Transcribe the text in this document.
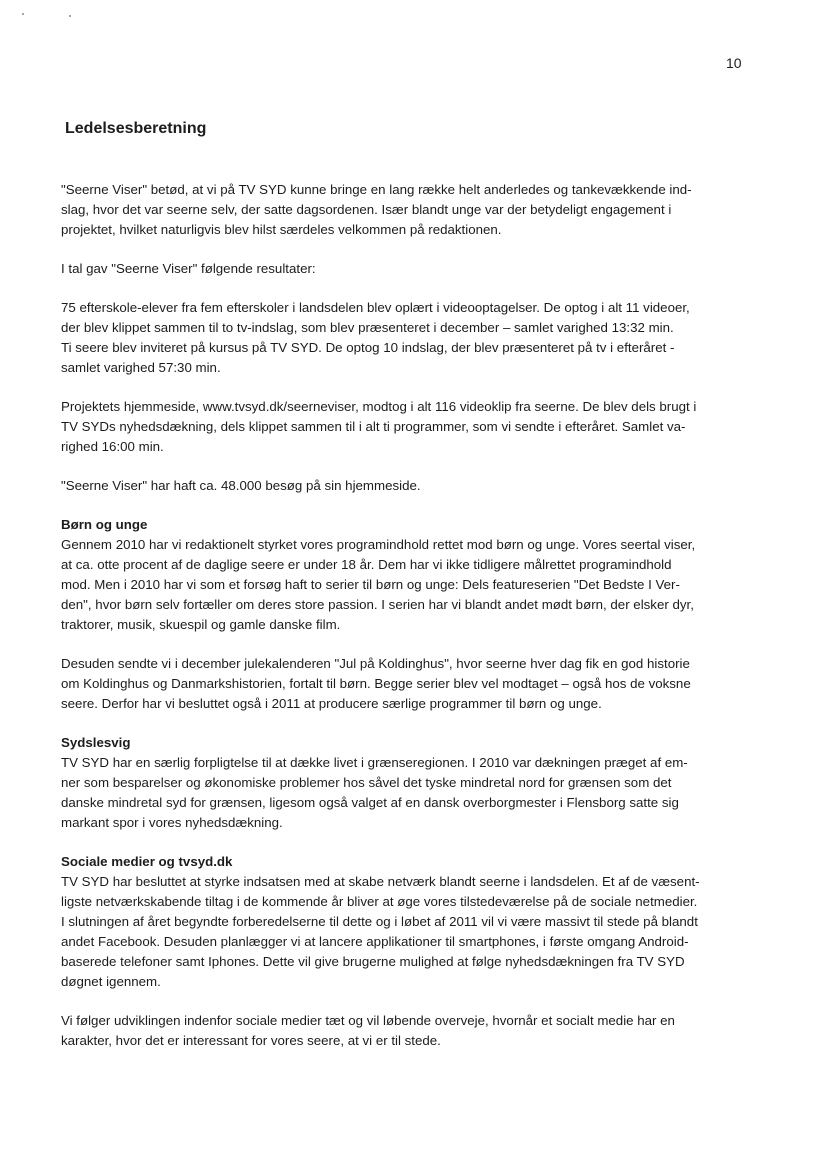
10
Ledelsesberetning

"Seerne Viser" betød, at vi på TV SYD kunne bringe en lang række helt anderledes og tankevækkende ind-
slag, hvor det var seerne selv, der satte dagsordenen. Især blandt unge var der betydeligt engagement i
projektet, hvilket naturligvis blev hilst særdeles velkommen på redaktionen.

I tal gav "Seerne Viser" følgende resultater:

75 efterskole-elever fra fem efterskoler i landsdelen blev oplært i videooptagelser. De optog i alt 11 videoer,
der blev klippet sammen til to tv-indslag, som blev præsenteret i december – samlet varighed 13:32 min.
Ti seere blev inviteret på kursus på TV SYD. De optog 10 indslag, der blev præsenteret på tv i efteråret -
samlet varighed 57:30 min.

Projektets hjemmeside, www.tvsyd.dk/seerneviser, modtog i alt 116 videoklip fra seerne. De blev dels brugt i
TV SYDs nyhedsdækning, dels klippet sammen til i alt ti programmer, som vi sendte i efteråret. Samlet va-
righed 16:00 min.

"Seerne Viser" har haft ca. 48.000 besøg på sin hjemmeside.

Børn og unge
Gennem 2010 har vi redaktionelt styrket vores programindhold rettet mod børn og unge. Vores seertal viser,
at ca. otte procent af de daglige seere er under 18 år. Dem har vi ikke tidligere målrettet programindhold
mod. Men i 2010 har vi som et forsøg haft to serier til børn og unge: Dels featureserien "Det Bedste I Ver-
den", hvor børn selv fortæller om deres store passion. I serien har vi blandt andet mødt børn, der elsker dyr,
traktorer, musik, skuespil og gamle danske film.

Desuden sendte vi i december julekalenderen "Jul på Koldinghus", hvor seerne hver dag fik en god historie
om Koldinghus og Danmarkshistorien, fortalt til børn. Begge serier blev vel modtaget – også hos de voksne
seere. Derfor har vi besluttet også i 2011 at producere særlige programmer til børn og unge.

Sydslesvig
TV SYD har en særlig forpligtelse til at dække livet i grænseregionen. I 2010 var dækningen præget af em-
ner som besparelser og økonomiske problemer hos såvel det tyske mindretal nord for grænsen som det
danske mindretal syd for grænsen, ligesom også valget af en dansk overborgmester i Flensborg satte sig
markant spor i vores nyhedsdækning.

Sociale medier og tvsyd.dk
TV SYD har besluttet at styrke indsatsen med at skabe netværk blandt seerne i landsdelen. Et af de væsent-
ligste netværkskabende tiltag i de kommende år bliver at øge vores tilstedeværelse på de sociale netmedier.
I slutningen af året begyndte forberedelserne til dette og i løbet af 2011 vil vi være massivt til stede på blandt
andet Facebook. Desuden planlægger vi at lancere applikationer til smartphones, i første omgang Android-
baserede telefoner samt Iphones. Dette vil give brugerne mulighed at følge nyhedsdækningen fra TV SYD
døgnet igennem.

Vi følger udviklingen indenfor sociale medier tæt og vil løbende overveje, hvornår et socialt medie har en
karakter, hvor det er interessant for vores seere, at vi er til stede.
